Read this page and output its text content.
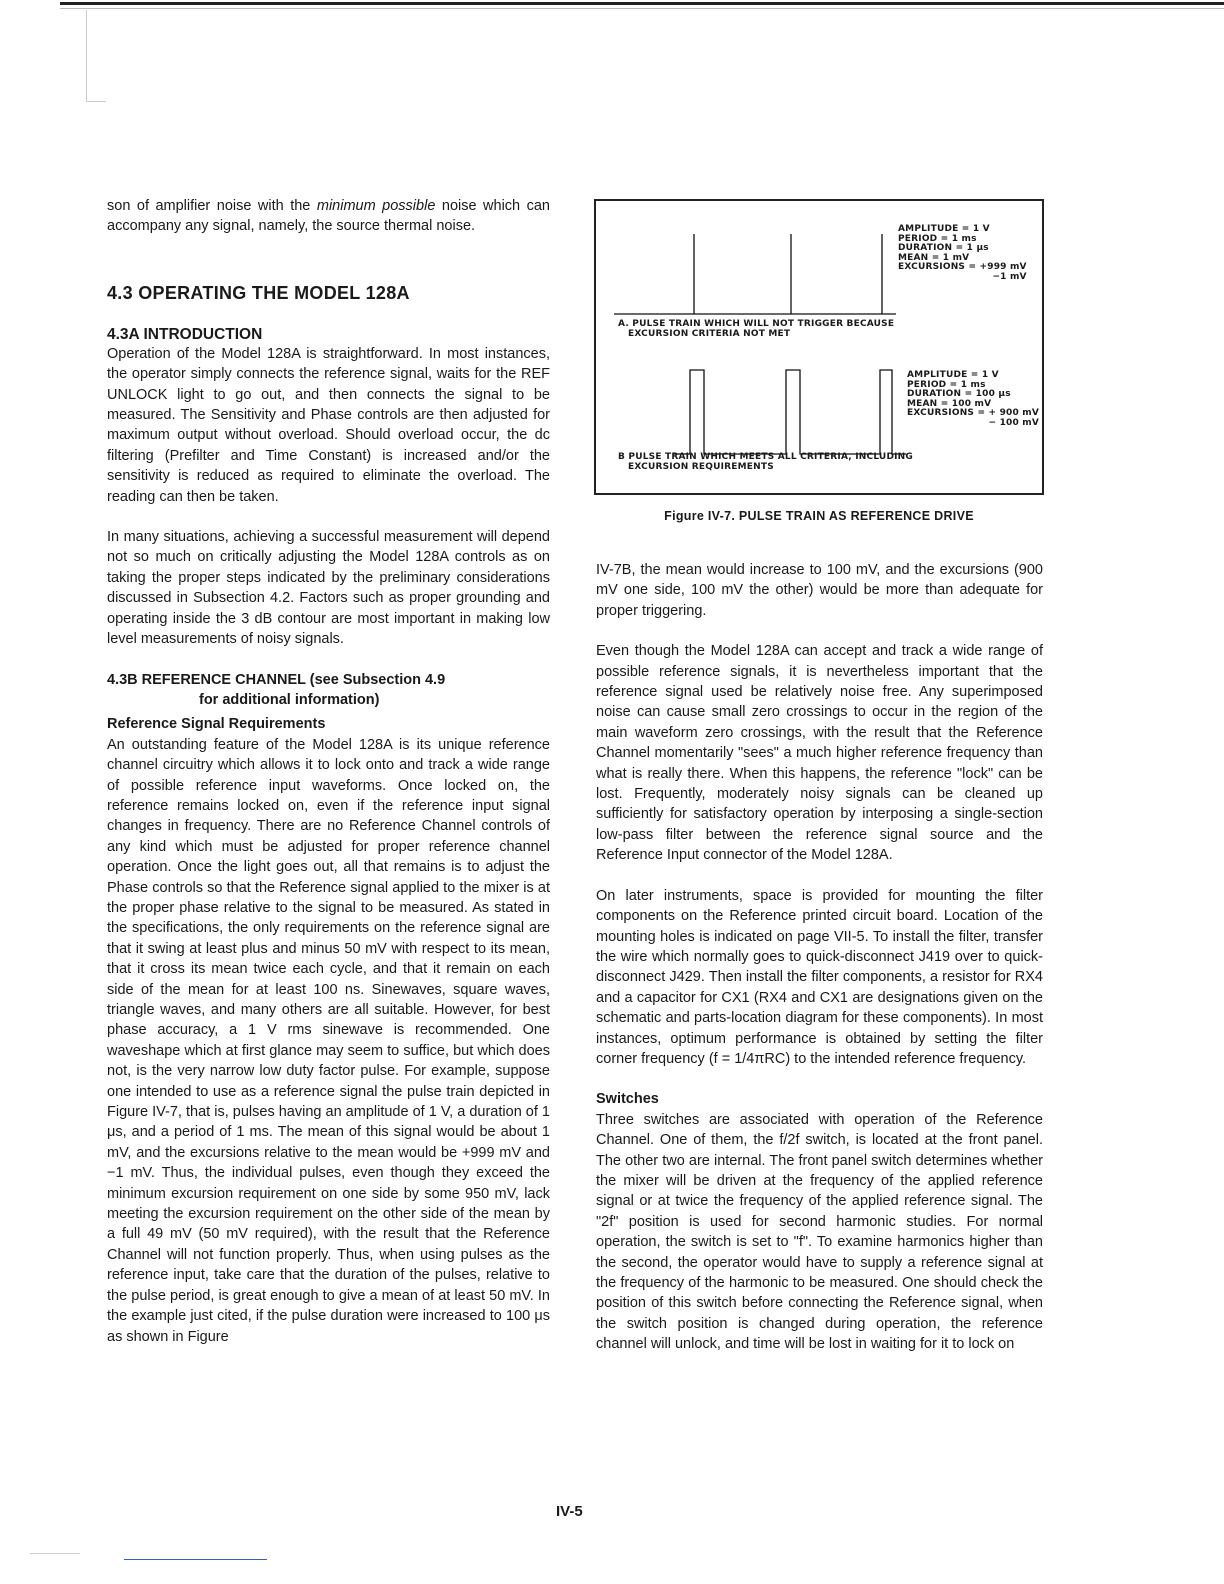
son of amplifier noise with the minimum possible noise which can accompany any signal, namely, the source thermal noise.

4.3 OPERATING THE MODEL 128A
4.3A INTRODUCTION

Operation of the Model 128A is straightforward. In most instances, the operator simply connects the reference signal, waits for the REF UNLOCK light to go out, and then connects the signal to be measured. The Sensitivity and Phase controls are then adjusted for maximum output without overload. Should overload occur, the dc filtering (Prefilter and Time Constant) is increased and/or the sensitivity is reduced as required to eliminate the overload. The reading can then be taken.

In many situations, achieving a successful measurement will depend not so much on critically adjusting the Model 128A controls as on taking the proper steps indicated by the preliminary considerations discussed in Subsection 4.2. Factors such as proper grounding and operating inside the 3 dB contour are most important in making low level measurements of noisy signals.

4.3B REFERENCE CHANNEL (see Subsection 4.9
for additional information)
Reference Signal Requirements

An outstanding feature of the Model 128A is its unique reference channel circuitry which allows it to lock onto and track a wide range of possible reference input waveforms. Once locked on, the reference remains locked on, even if the reference input signal changes in frequency. There are no Reference Channel controls of any kind which must be adjusted for proper reference channel operation. Once the light goes out, all that remains is to adjust the Phase controls so that the Reference signal applied to the mixer is at the proper phase relative to the signal to be measured. As stated in the specifications, the only requirements on the reference signal are that it swing at least plus and minus 50 mV with respect to its mean, that it cross its mean twice each cycle, and that it remain on each side of the mean for at least 100 ns. Sinewaves, square waves, triangle waves, and many others are all suitable. However, for best phase accuracy, a 1 V rms sinewave is recommended. One waveshape which at first glance may seem to suffice, but which does not, is the very narrow low duty factor pulse. For example, suppose one intended to use as a reference signal the pulse train depicted in Figure IV-7, that is, pulses having an amplitude of 1 V, a duration of 1 μs, and a period of 1 ms. The mean of this signal would be about 1 mV, and the excursions relative to the mean would be +999 mV and −1 mV. Thus, the individual pulses, even though they exceed the minimum excursion requirement on one side by some 950 mV, lack meeting the excursion requirement on the other side of the mean by a full 49 mV (50 mV required), with the result that the Reference Channel will not function properly. Thus, when using pulses as the reference input, take care that the duration of the pulses, relative to the pulse period, is great enough to give a mean of at least 50 mV. In the example just cited, if the pulse duration were increased to 100 μs as shown in Figure

AMPLITUDE = 1 V
PERIOD = 1 ms
DURATION = 1 μs
MEAN = 1 mV
EXCURSIONS = +999 mV
−1 mV
A. PULSE TRAIN WHICH WILL NOT TRIGGER BECAUSE
EXCURSION CRITERIA NOT MET
AMPLITUDE = 1 V
PERIOD = 1 ms
DURATION = 100 μs
MEAN = 100 mV
EXCURSIONS = + 900 mV
− 100 mV
B PULSE TRAIN WHICH MEETS ALL CRITERIA, INCLUDING
EXCURSION REQUIREMENTS
Figure IV-7. PULSE TRAIN AS REFERENCE DRIVE

IV-7B, the mean would increase to 100 mV, and the excursions (900 mV one side, 100 mV the other) would be more than adequate for proper triggering.

Even though the Model 128A can accept and track a wide range of possible reference signals, it is nevertheless important that the reference signal used be relatively noise free. Any superimposed noise can cause small zero crossings to occur in the region of the main waveform zero crossings, with the result that the Reference Channel momentarily "sees" a much higher reference frequency than what is really there. When this happens, the reference "lock" can be lost. Frequently, moderately noisy signals can be cleaned up sufficiently for satisfactory operation by interposing a single-section low-pass filter between the reference signal source and the Reference Input connector of the Model 128A.

On later instruments, space is provided for mounting the filter components on the Reference printed circuit board. Location of the mounting holes is indicated on page VII-5. To install the filter, transfer the wire which normally goes to quick-disconnect J419 over to quick-disconnect J429. Then install the filter components, a resistor for RX4 and a capacitor for CX1 (RX4 and CX1 are designations given on the schematic and parts-location diagram for these components). In most instances, optimum performance is obtained by setting the filter corner frequency (f = 1/4πRC) to the intended reference frequency.

Switches

Three switches are associated with operation of the Reference Channel. One of them, the f/2f switch, is located at the front panel. The other two are internal. The front panel switch determines whether the mixer will be driven at the frequency of the applied reference signal or at twice the frequency of the applied reference signal. The "2f" position is used for second harmonic studies. For normal operation, the switch is set to "f". To examine harmonics higher than the second, the operator would have to supply a reference signal at the frequency of the harmonic to be measured. One should check the position of this switch before connecting the Reference signal, when the switch position is changed during operation, the reference channel will unlock, and time will be lost in waiting for it to lock on

IV-5
